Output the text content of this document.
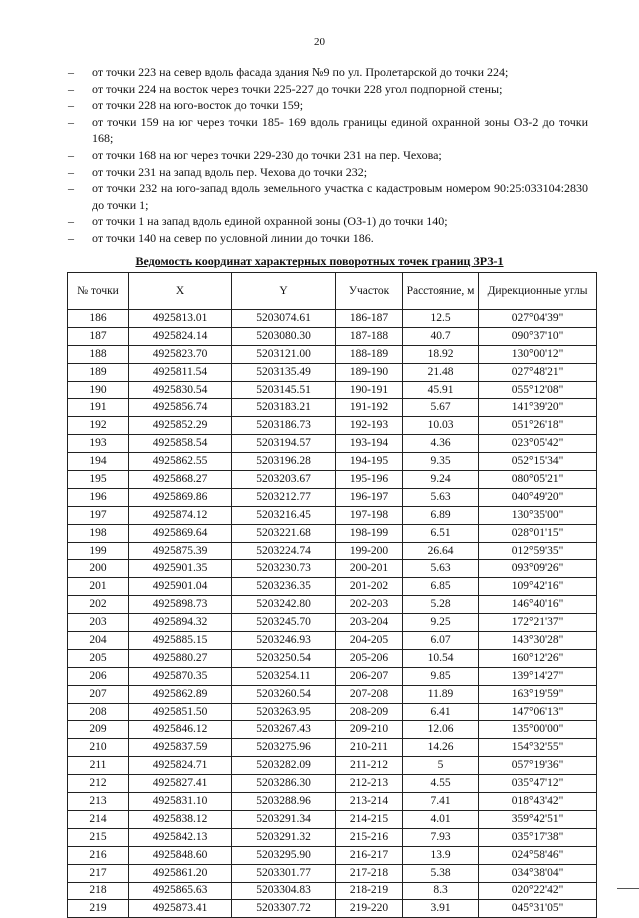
20
– от точки 223 на север вдоль фасада здания №9 по ул. Пролетарской до точки 224;
– от точки 224 на восток через точки 225-227 до точки 228 угол подпорной стены;
– от точки 228 на юго-восток до точки 159;
– от точки 159 на юг через точки 185- 169 вдоль границы единой охранной зоны ОЗ-2 до точки 168;
– от точки 168 на юг через точки 229-230 до точки 231 на пер. Чехова;
– от точки 231 на запад вдоль пер. Чехова до точки 232;
– от точки 232 на юго-запад вдоль земельного участка с кадастровым номером 90:25:033104:2830 до точки 1;
– от точки 1 на запад вдоль единой охранной зоны (ОЗ-1) до точки 140;
– от точки 140 на север по условной линии до точки 186.
Ведомость координат характерных поворотных точек границ ЗРЗ-1
№ точки	X	Y	Участок	Расстояние, м	Дирекционные углы
186	4925813.01	5203074.61	186-187	12.5	027°04'39"
187	4925824.14	5203080.30	187-188	40.7	090°37'10"
188	4925823.70	5203121.00	188-189	18.92	130°00'12"
189	4925811.54	5203135.49	189-190	21.48	027°48'21"
190	4925830.54	5203145.51	190-191	45.91	055°12'08"
191	4925856.74	5203183.21	191-192	5.67	141°39'20"
192	4925852.29	5203186.73	192-193	10.03	051°26'18"
193	4925858.54	5203194.57	193-194	4.36	023°05'42"
194	4925862.55	5203196.28	194-195	9.35	052°15'34"
195	4925868.27	5203203.67	195-196	9.24	080°05'21"
196	4925869.86	5203212.77	196-197	5.63	040°49'20"
197	4925874.12	5203216.45	197-198	6.89	130°35'00"
198	4925869.64	5203221.68	198-199	6.51	028°01'15"
199	4925875.39	5203224.74	199-200	26.64	012°59'35"
200	4925901.35	5203230.73	200-201	5.63	093°09'26"
201	4925901.04	5203236.35	201-202	6.85	109°42'16"
202	4925898.73	5203242.80	202-203	5.28	146°40'16"
203	4925894.32	5203245.70	203-204	9.25	172°21'37"
204	4925885.15	5203246.93	204-205	6.07	143°30'28"
205	4925880.27	5203250.54	205-206	10.54	160°12'26"
206	4925870.35	5203254.11	206-207	9.85	139°14'27"
207	4925862.89	5203260.54	207-208	11.89	163°19'59"
208	4925851.50	5203263.95	208-209	6.41	147°06'13"
209	4925846.12	5203267.43	209-210	12.06	135°00'00"
210	4925837.59	5203275.96	210-211	14.26	154°32'55"
211	4925824.71	5203282.09	211-212	5	057°19'36"
212	4925827.41	5203286.30	212-213	4.55	035°47'12"
213	4925831.10	5203288.96	213-214	7.41	018°43'42"
214	4925838.12	5203291.34	214-215	4.01	359°42'51"
215	4925842.13	5203291.32	215-216	7.93	035°17'38"
216	4925848.60	5203295.90	216-217	13.9	024°58'46"
217	4925861.20	5203301.77	217-218	5.38	034°38'04"
218	4925865.63	5203304.83	218-219	8.3	020°22'42"
219	4925873.41	5203307.72	219-220	3.91	045°31'05"
